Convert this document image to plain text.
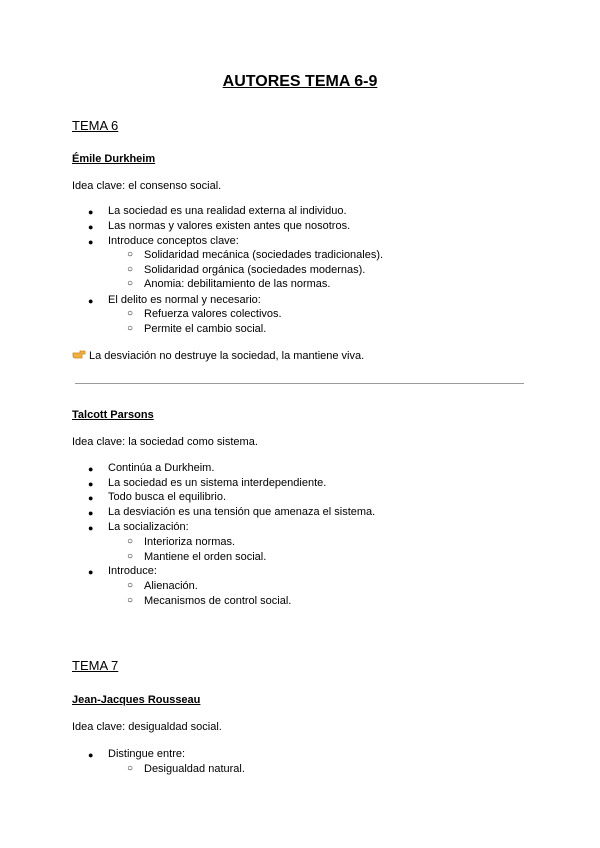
AUTORES TEMA 6-9
TEMA 6
Émile Durkheim
Idea clave: el consenso social.
● La sociedad es una realidad externa al individuo.
● Las normas y valores existen antes que nosotros.
● Introduce conceptos clave:
○ Solidaridad mecánica (sociedades tradicionales).
○ Solidaridad orgánica (sociedades modernas).
○ Anomia: debilitamiento de las normas.
● El delito es normal y necesario:
○ Refuerza valores colectivos.
○ Permite el cambio social.
La desviación no destruye la sociedad, la mantiene viva.
Talcott Parsons
Idea clave: la sociedad como sistema.
● Continúa a Durkheim.
● La sociedad es un sistema interdependiente.
● Todo busca el equilibrio.
● La desviación es una tensión que amenaza el sistema.
● La socialización:
○ Interioriza normas.
○ Mantiene el orden social.
● Introduce:
○ Alienación.
○ Mecanismos de control social.
TEMA 7
Jean-Jacques Rousseau
Idea clave: desigualdad social.
● Distingue entre:
○ Desigualdad natural.
